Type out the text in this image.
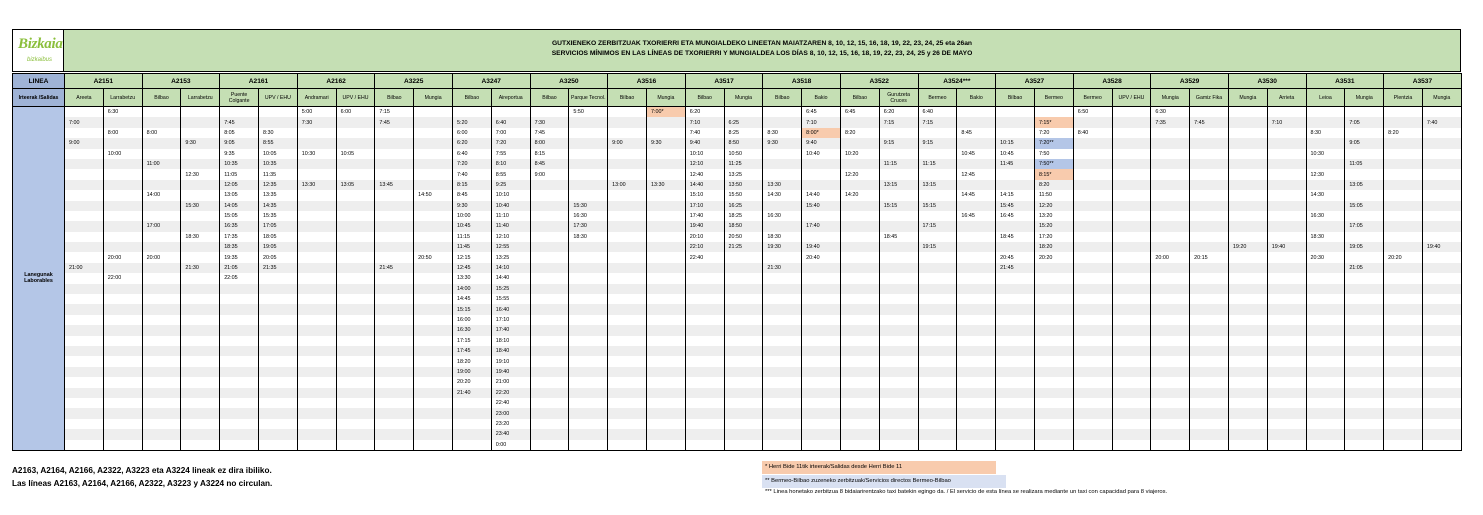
Bizkaia
bizkaibus
GUTXIENEKO ZERBITZUAK TXORIERRI ETA MUNGIALDEKO LINEETAN MAIATZAREN 8, 10, 12, 15, 16, 18, 19, 22, 23, 24, 25 eta 26an
SERVICIOS MÍNIMOS EN LAS LÍNEAS DE TXORIERRI Y MUNGIALDEA LOS DÍAS 8, 10, 12, 15, 16, 18, 19, 22, 23, 24, 25 y 26 DE MAYO
LINEA	A2151		A2153		A2161		A2162		A3225		A3247		A3250		A3516		A3517		A3518		A3522		A3524***		A3527		A3528		A3529		A3530		A3531		A3537	
Irteerak /Salidas	Areeta	Larrabetzu	Bilbao	Larrabetzu	Puente Colgante	UPV / EHU	Andramari	UPV / EHU	Bilbao	Mungia	Bilbao	Aireportua	Bilbao	Parque Tecnol.	Bilbao	Mungia	Bilbao	Mungia	Bilbao	Bakio	Bilbao	Gurutzeta Cruces	Bermeo	Bakio	Bilbao	Bermeo	Bermeo	UPV / EHU	Mungia	Gamiz Fika	Mungia	Arrieta	Leioa	Mungia	Plentzia	Mungia
Lanegunak Laborables		6:30					5:00	6:00	7:15					5:50		7:00*	6:20			6:45	6:45	6:20	6:40				6:50		6:30							
	7:00				7:45		7:30		7:45		5:20	6:40	7:30				7:10	6:25		7:10		7:15	7:15			7:15*			7:35	7:45		7:10		7:05		7:40
		8:00	8:00		8:05	8:30					6:00	7:00	7:45				7:40	8:25	8:30	8:00*	8:20			8:45		7:20	8:40						8:30		8:20	
	9:00			9:30	9:05	8:55					6:20	7:20	8:00		9:00	9:30	9:40	8:50	9:30	9:40		9:15	9:15		10:15	7:20**								9:05		
		10:00			9:35	10:05	10:30	10:05			6:40	7:55	8:15				10:10	10:50		10:40	10:20			10:45	10:45	7:50							10:30			
			11:00		10:35	10:35					7:20	8:10	8:45				12:10	11:25				11:15	11:15		11:45	7:50**								11:05		
				12:30	11:05	11:35					7:40	8:55	9:00				12:40	13:25			12:20			12:45		8:15*							12:30			
					12:05	12:35	13:30	13:05	13:45		8:15	9:25			13:00	13:30	14:40	13:50	13:30			13:15	13:15			8:20								13:05		
			14:00		13:05	13:35				14:50	8:45	10:10					15:10	15:50	14:30	14:40	14:20			14:45	14:15	11:50							14:30			
				15:30	14:05	14:35					9:30	10:40		15:30			17:10	16:25		15:40		15:15	15:15		15:45	12:20								15:05		
					15:05	15:35					10:00	11:10		16:30			17:40	18:25	16:30					16:45	16:45	13:20							16:30			
			17:00		16:35	17:05					10:45	11:40		17:30			19:40	18:50		17:40			17:15			15:20								17:05		
				18:30	17:35	18:05					11:15	12:10		18:30			20:10	20:50	18:30			18:45			18:45	17:20							18:30			
					18:35	19:05					11:45	12:55					22:10	21:25	19:30	19:40			19:15			18:20					19:20	19:40		19:05		19:40
		20:00	20:00		19:35	20:05				20:50	12:15	13:25					22:40			20:40					20:45	20:20			20:00	20:15			20:30		20:20	
	21:00			21:30	21:05	21:35			21:45		12:45	14:10							21:30						21:45									21:05		
		22:00			22:05						13:30	14:40																								
											14:00	15:25																								
											14:45	15:55																								
											15:15	16:40																								
											16:00	17:10																								
											16:30	17:40																								
											17:15	18:10																								
											17:45	18:40																								
											18:20	19:10																								
											19:00	19:40																								
											20:20	21:00																								
											21:40	22:20																								
												22:40																								
												23:00																								
												23:20																								
												23:40																								
												0:00																								
A2163, A2164, A2166, A2322, A3223 eta A3224 lineak ez dira ibiliko.
Las líneas A2163, A2164, A2166, A2322, A3223 y A3224 no circulan.
* Herri Bide 11tik irteerak/Salidas desde Herri Bide 11
** Bermeo-Bilbao zuzeneko zerbitzuak/Servicios directos Bermeo-Bilbao
*** Linea honetako zerbitzua 8 bidaiarirentzako taxi batekin egingo da. / El servicio de esta línea se realizara mediante un taxi con capacidad para 8 viajeros.
